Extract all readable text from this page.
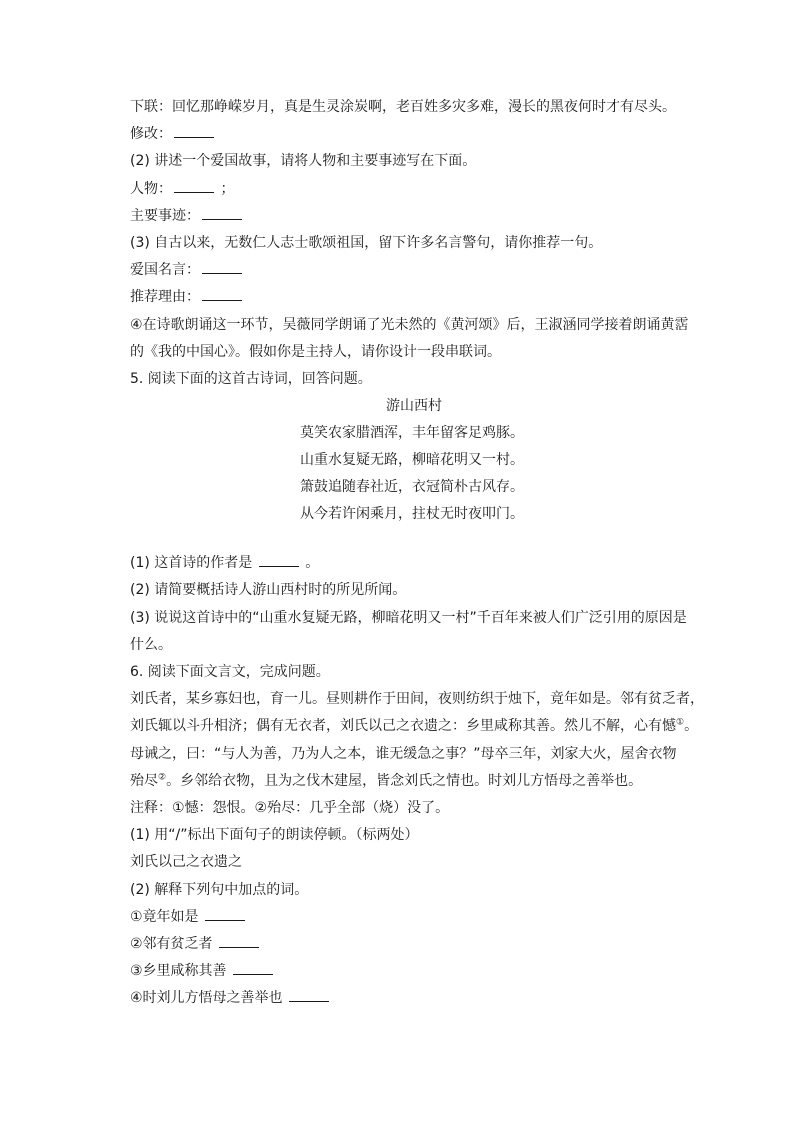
下联：回忆那峥嵘岁月，真是生灵涂炭啊，老百姓多灾多难，漫长的黑夜何时才有尽头。
修改：
(2) 讲述一个爱国故事，请将人物和主要事迹写在下面。
人物：	；
主要事迹：
(3) 自古以来，无数仁人志士歌颂祖国，留下许多名言警句，请你推荐一句。
爱国名言：
推荐理由：
④在诗歌朗诵这一环节，吴薇同学朗诵了光未然的《黄河颂》后，王淑涵同学接着朗诵黄霑
的《我的中国心》。假如你是主持人，请你设计一段串联词。
5. 阅读下面的这首古诗词，回答问题。
游山西村
莫笑农家腊酒浑，丰年留客足鸡豚。
山重水复疑无路，柳暗花明又一村。
箫鼓追随春社近，衣冠简朴古风存。
从今若许闲乘月，拄杖无时夜叩门。
(1) 这首诗的作者是	。
(2) 请简要概括诗人游山西村时的所见所闻。
(3) 说说这首诗中的“山重水复疑无路，柳暗花明又一村”千百年来被人们广泛引用的原因是
什么。
6. 阅读下面文言文，完成问题。
刘氏者，某乡寡妇也，育一儿。昼则耕作于田间，夜则纺织于烛下，竟年如是。邻有贫乏者，
刘氏辄以斗升相济；偶有无衣者，刘氏以己之衣遗之：乡里咸称其善。然儿不解，心有憾①。
母诫之，曰：“与人为善，乃为人之本，谁无缓急之事？”母卒三年，刘家大火，屋舍衣物
殆尽②。乡邻给衣物，且为之伐木建屋，皆念刘氏之情也。时刘儿方悟母之善举也。
注释：①憾：怨恨。②殆尽：几乎全部（烧）没了。
(1) 用“/”标出下面句子的朗读停顿。（标两处）
刘氏以己之衣遗之
(2) 解释下列句中加点的词。
①竟年如是
②邻有贫乏者
③乡里咸称其善
④时刘儿方悟母之善举也
